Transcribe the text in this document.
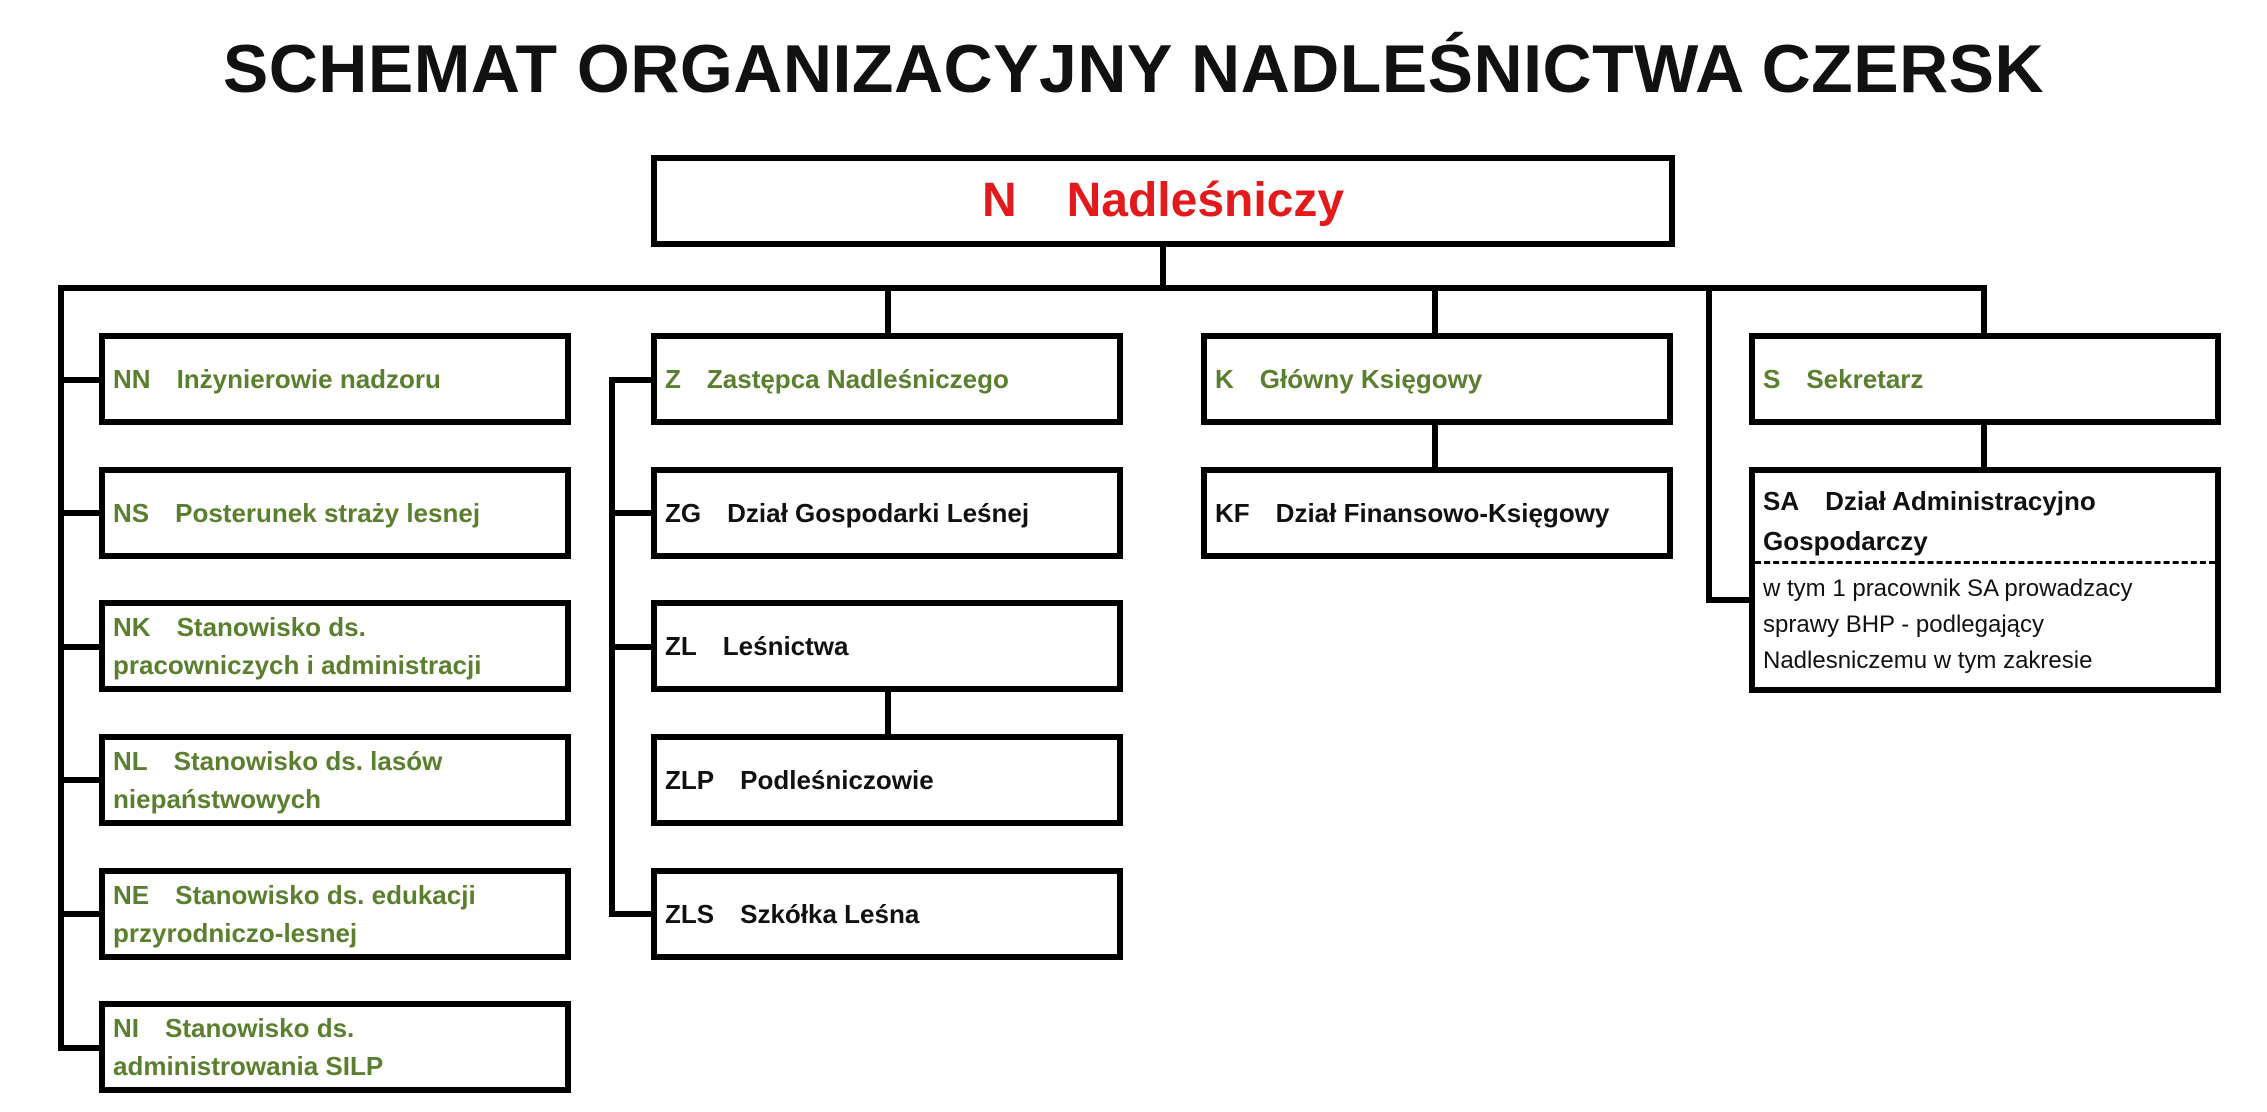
SCHEMAT ORGANIZACYJNY NADLEŚNICTWA CZERSK
N Nadleśniczy
NN Inżynierowie nadzoru
NS Posterunek straży lesnej
NK Stanowisko ds.
pracowniczych i administracji
NL Stanowisko ds. lasów
niepaństwowych
NE Stanowisko ds. edukacji
przyrodniczo-lesnej
NI Stanowisko ds.
administrowania SILP
Z Zastępca Nadleśniczego
ZG Dział Gospodarki Leśnej
ZL Leśnictwa
ZLP Podleśniczowie
ZLS Szkółka Leśna
K Główny Księgowy
KF Dział Finansowo-Księgowy
S Sekretarz
SA Dział Administracyjno
Gospodarczy
w tym 1 pracownik SA prowadzacy
sprawy BHP - podlegający
Nadlesniczemu w tym zakresie
